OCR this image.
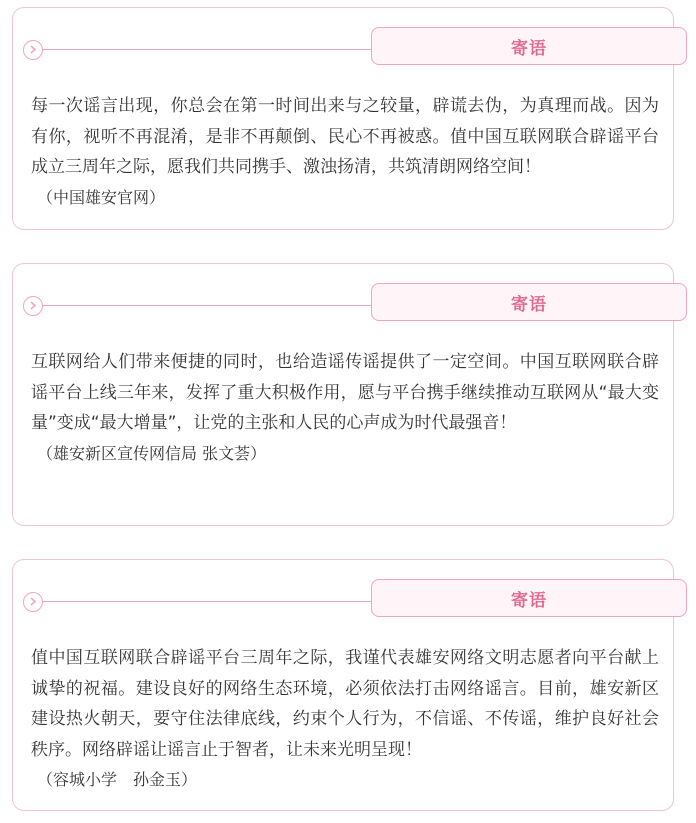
寄语
每一次谣言出现，你总会在第一时间出来与之较量，辟谎去伪，为真理而战。因为有你，视听不再混淆，是非不再颠倒、民心不再被惑。值中国互联网联合辟谣平台成立三周年之际，愿我们共同携手、激浊扬清，共筑清朗网络空间！
（中国雄安官网）
寄语
互联网给人们带来便捷的同时，也给造谣传谣提供了一定空间。中国互联网联合辟谣平台上线三年来，发挥了重大积极作用，愿与平台携手继续推动互联网从“最大变量”变成“最大增量”，让党的主张和人民的心声成为时代最强音！
（雄安新区宣传网信局 张文荟）
寄语
值中国互联网联合辟谣平台三周年之际，我谨代表雄安网络文明志愿者向平台献上诚挚的祝福。建设良好的网络生态环境，必须依法打击网络谣言。目前，雄安新区建设热火朝天，要守住法律底线，约束个人行为，不信谣、不传谣，维护良好社会秩序。网络辟谣让谣言止于智者，让未来光明呈现！
（容城小学　孙金玉）
